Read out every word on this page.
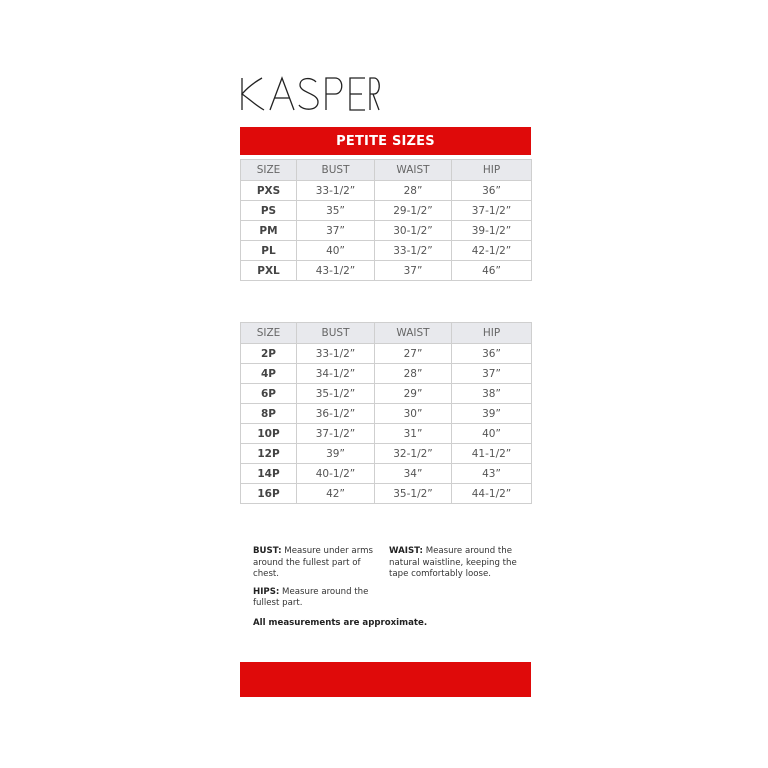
PETITE SIZES
SIZE	BUST	WAIST	HIP
PXS	33-1/2”	28”	36”
PS	35”	29-1/2”	37-1/2”
PM	37”	30-1/2”	39-1/2”
PL	40”	33-1/2”	42-1/2”
PXL	43-1/2”	37”	46”
SIZE	BUST	WAIST	HIP
2P	33-1/2”	27”	36”
4P	34-1/2”	28”	37”
6P	35-1/2”	29”	38”
8P	36-1/2”	30”	39”
10P	37-1/2”	31”	40”
12P	39”	32-1/2”	41-1/2”
14P	40-1/2”	34”	43”
16P	42”	35-1/2”	44-1/2”
BUST: Measure under arms around the fullest part of chest.
WAIST: Measure around the natural waistline, keeping the tape comfortably loose.
HIPS: Measure around the fullest part.
All measurements are approximate.
